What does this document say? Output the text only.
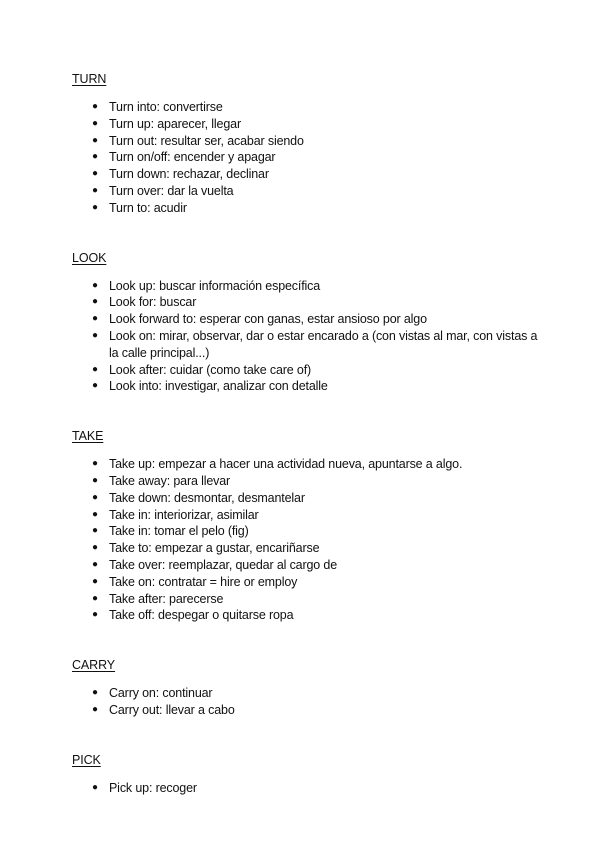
TURN
● Turn into: convertirse
● Turn up: aparecer, llegar
● Turn out: resultar ser, acabar siendo
● Turn on/off: encender y apagar
● Turn down: rechazar, declinar
● Turn over: dar la vuelta
● Turn to: acudir
LOOK
● Look up: buscar información específica
● Look for: buscar
● Look forward to: esperar con ganas, estar ansioso por algo
● Look on: mirar, observar, dar o estar encarado a (con vistas al mar, con vistas a la calle principal...)
● Look after: cuidar (como take care of)
● Look into: investigar, analizar con detalle
TAKE
● Take up: empezar a hacer una actividad nueva, apuntarse a algo.
● Take away: para llevar
● Take down: desmontar, desmantelar
● Take in: interiorizar, asimilar
● Take in: tomar el pelo (fig)
● Take to: empezar a gustar, encariñarse
● Take over: reemplazar, quedar al cargo de
● Take on: contratar = hire or employ
● Take after: parecerse
● Take off: despegar o quitarse ropa
CARRY
● Carry on: continuar
● Carry out: llevar a cabo
PICK
● Pick up: recoger
